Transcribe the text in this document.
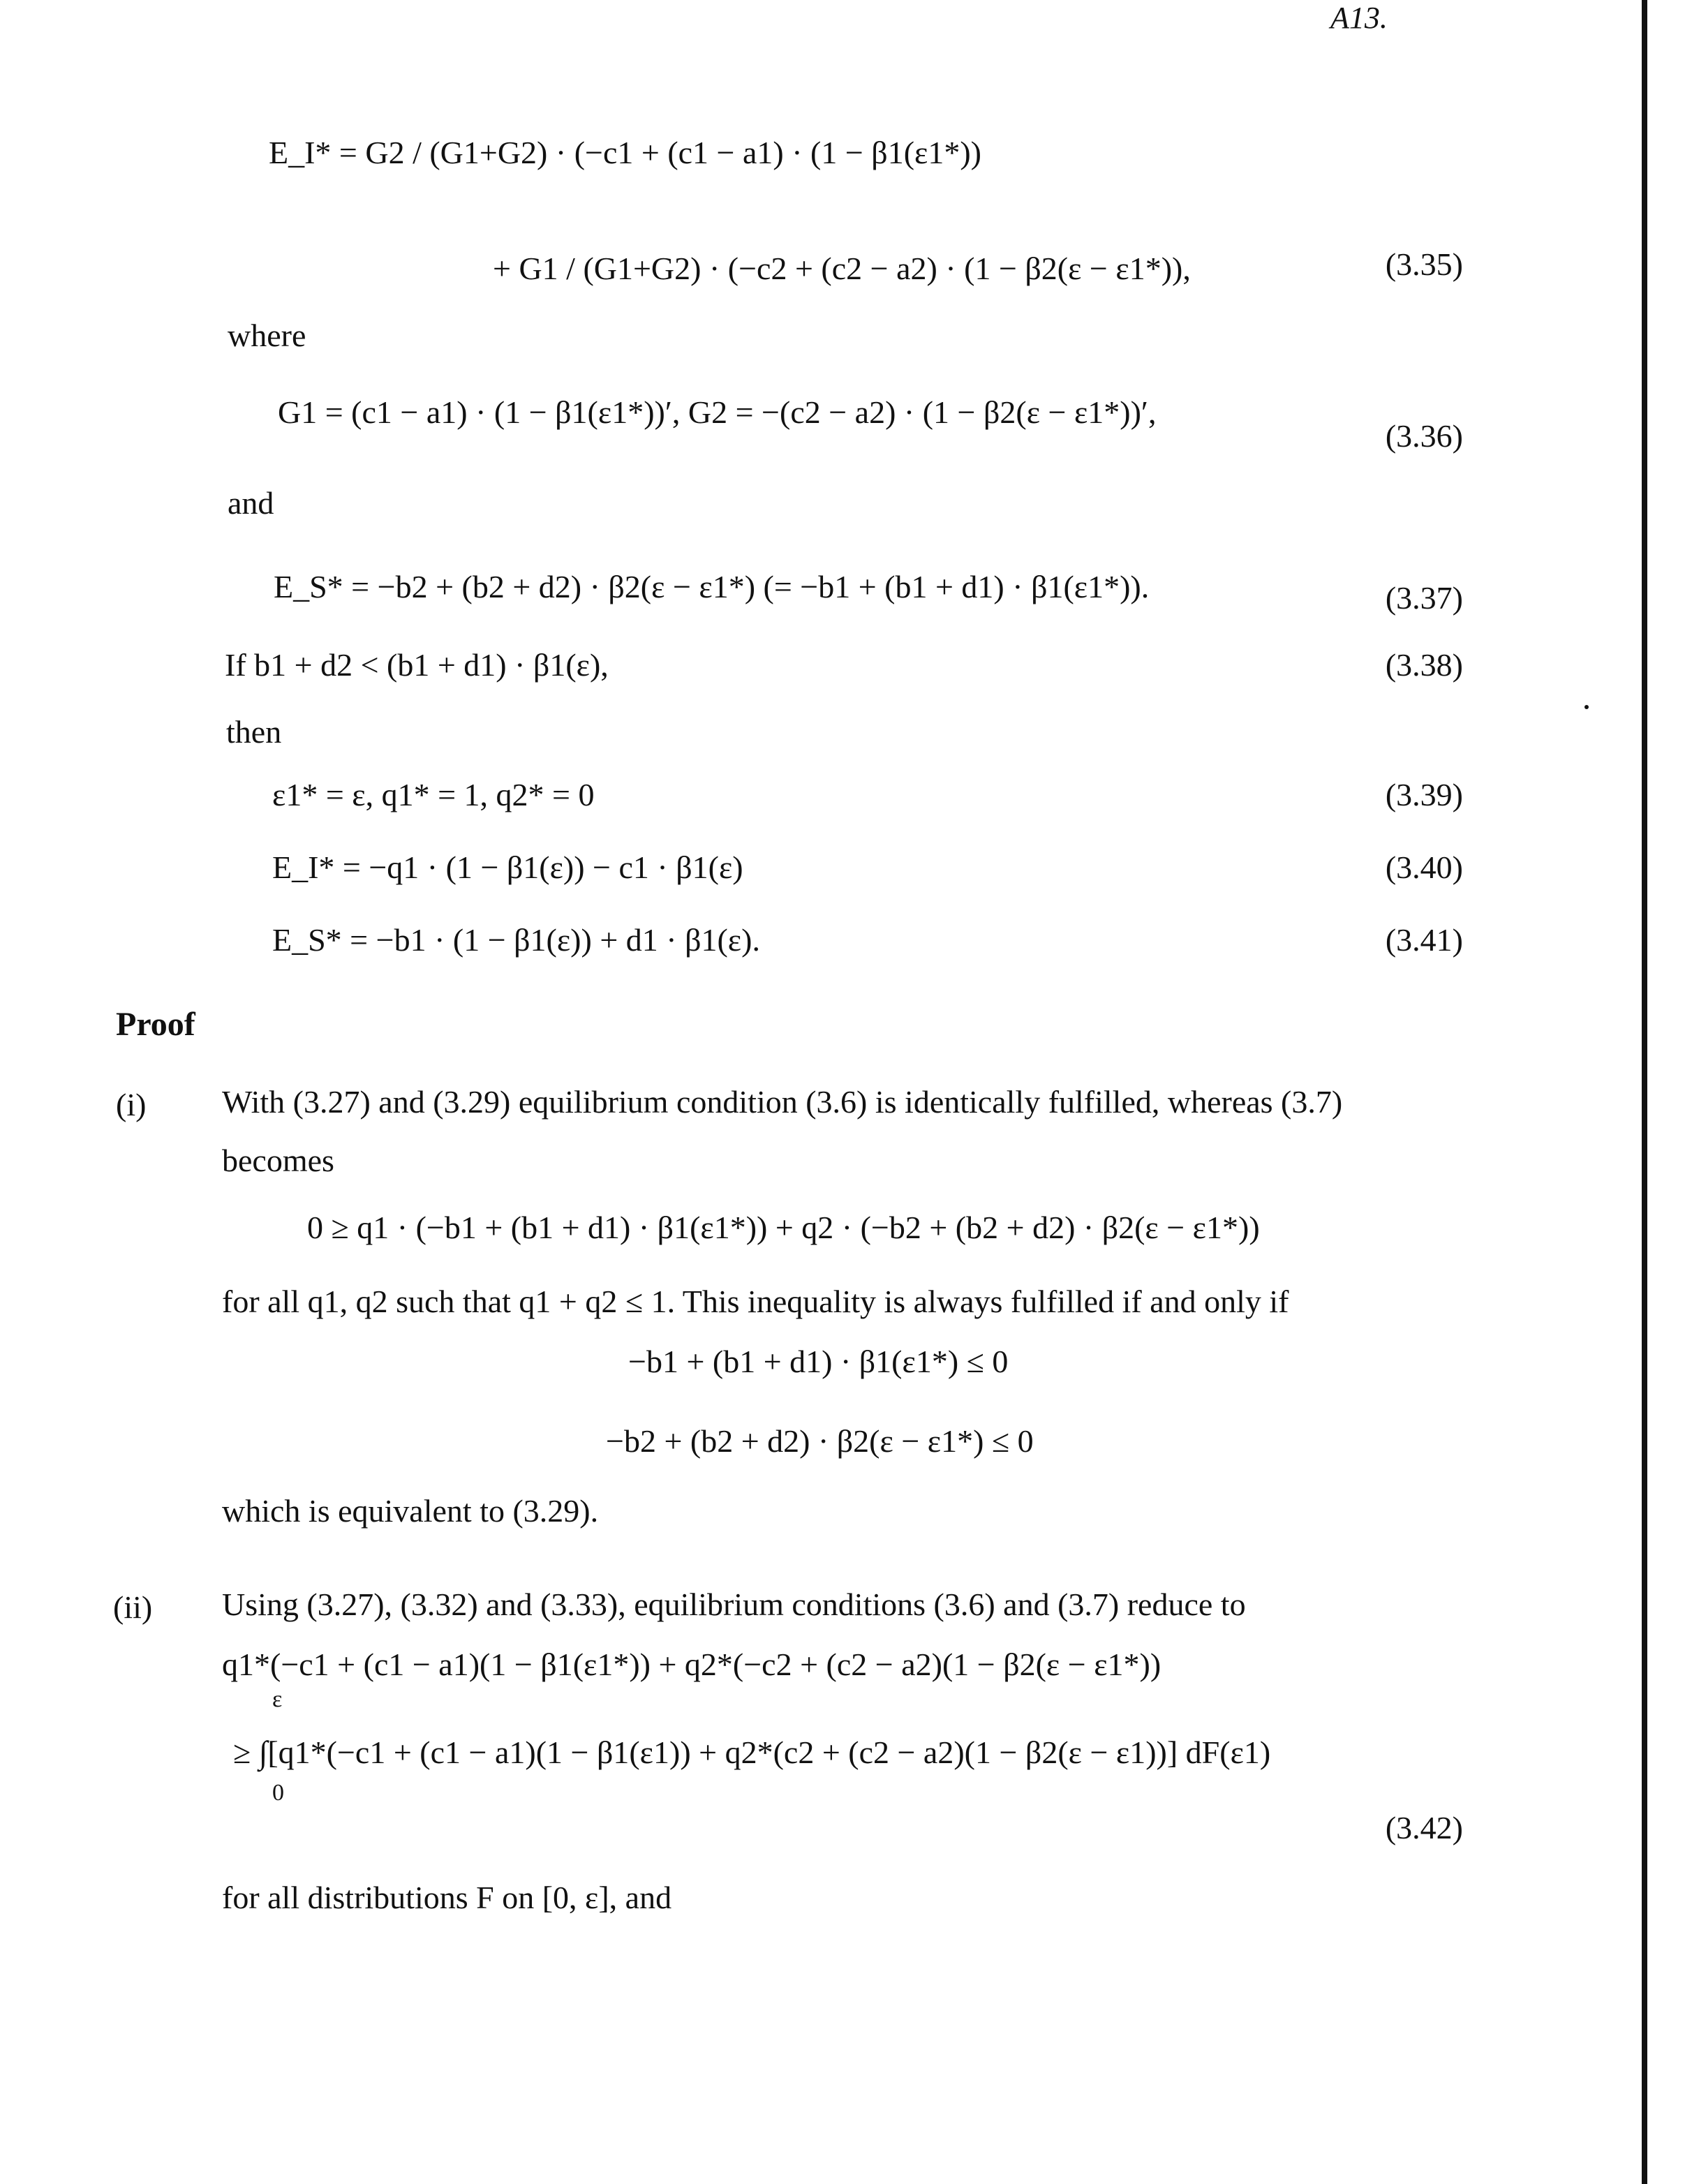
A13.
E_I* = G2 / (G1+G2) · (−c1 + (c1 − a1) · (1 − β1(ε1*))
+ G1 / (G1+G2) · (−c2 + (c2 − a2) · (1 − β2(ε − ε1*)),	(3.35)
where
G1 = (c1 − a1) · (1 − β1(ε1*))′, G2 = −(c2 − a2) · (1 − β2(ε − ε1*))′,
(3.36)
and
E_S* = −b2 + (b2 + d2) · β2(ε − ε1*) (= −b1 + (b1 + d1) · β1(ε1*)).	(3.37)
If b1 + d2 < (b1 + d1) · β1(ε),	(3.38)
then
ε1* = ε, q1* = 1, q2* = 0	(3.39)
E_I* = −q1 · (1 − β1(ε)) − c1 · β1(ε)	(3.40)
E_S* = −b1 · (1 − β1(ε)) + d1 · β1(ε).	(3.41)
Proof
(i) With (3.27) and (3.29) equilibrium condition (3.6) is identically fulfilled, whereas (3.7)
becomes
0 ≥ q1 · (−b1 + (b1 + d1) · β1(ε1*)) + q2 · (−b2 + (b2 + d2) · β2(ε − ε1*))
for all q1, q2 such that q1 + q2 ≤ 1. This inequality is always fulfilled if and only if
−b1 + (b1 + d1) · β1(ε1*) ≤ 0
−b2 + (b2 + d2) · β2(ε − ε1*) ≤ 0
which is equivalent to (3.29).
(ii) Using (3.27), (3.32) and (3.33), equilibrium conditions (3.6) and (3.7) reduce to
q1*(−c1 + (c1 − a1)(1 − β1(ε1*)) + q2*(−c2 + (c2 − a2)(1 − β2(ε − ε1*))
ε
≥ ∫[q1*(−c1 + (c1 − a1)(1 − β1(ε1)) + q2*(c2 + (c2 − a2)(1 − β2(ε − ε1))] dF(ε1)
0
(3.42)
for all distributions F on [0, ε], and
